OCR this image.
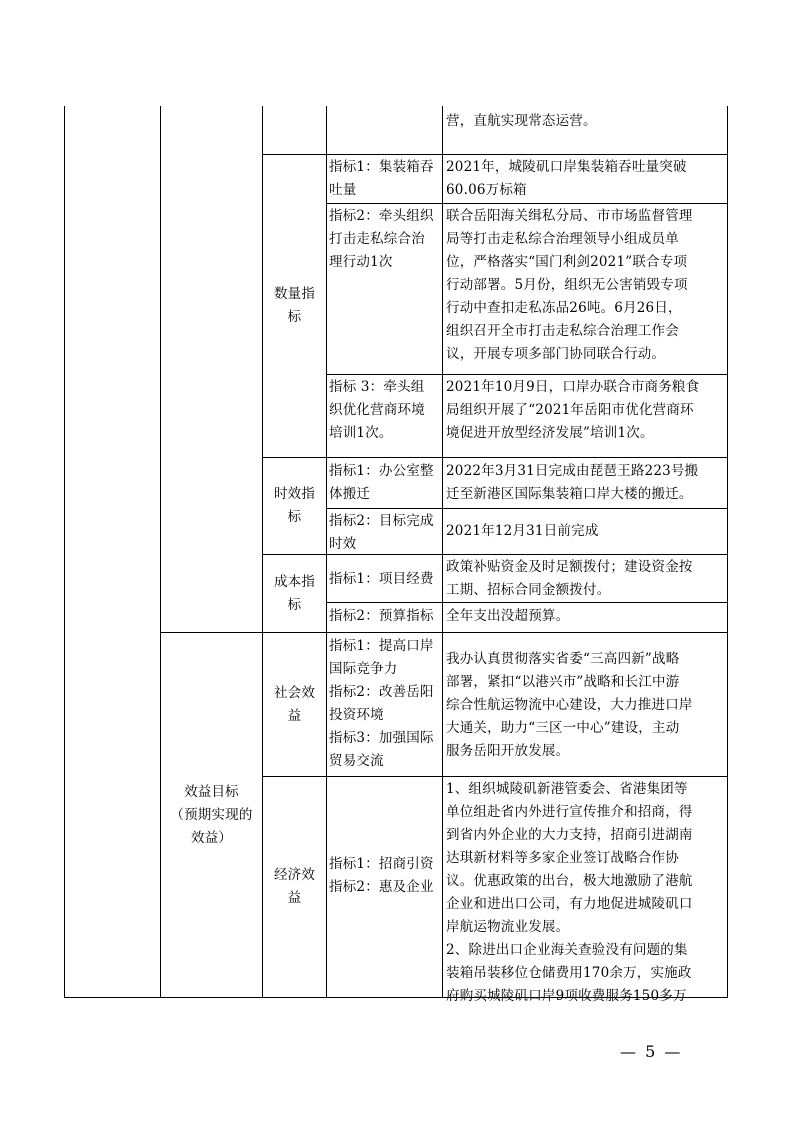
营，直航实现常态运营。
数量指
标
指标1：集装箱吞
吐量
2021年，城陵矶口岸集装箱吞吐量突破
60.06万标箱
指标2：牵头组织
打击走私综合治
理行动1次
联合岳阳海关缉私分局、市市场监督管理
局等打击走私综合治理领导小组成员单
位，严格落实“国门利剑2021”联合专项
行动部署。5月份，组织无公害销毁专项
行动中查扣走私冻品26吨。6月26日，
组织召开全市打击走私综合治理工作会
议，开展专项多部门协同联合行动。
指标 3：牵头组
织优化营商环境
培训1次。
2021年10月9日，口岸办联合市商务粮食
局组织开展了“2021年岳阳市优化营商环
境促进开放型经济发展”培训1次。
时效指
标
指标1：办公室整
体搬迁
2022年3月31日完成由琵琶王路223号搬
迁至新港区国际集装箱口岸大楼的搬迁。
指标2：目标完成
时效
2021年12月31日前完成
成本指
标
指标1：项目经费
政策补贴资金及时足额拨付；建设资金按
工期、招标合同金额拨付。
指标2：预算指标 全年支出没超预算。
效益目标
（预期实现的
效益）
社会效
益
指标1：提高口岸
国际竞争力
指标2：改善岳阳
投资环境
指标3：加强国际
贸易交流
我办认真贯彻落实省委“三高四新”战略
部署，紧扣“以港兴市”战略和长江中游
综合性航运物流中心建设，大力推进口岸
大通关，助力“三区一中心”建设，主动
服务岳阳开放发展。
经济效
益
指标1：招商引资
指标2：惠及企业
1、组织城陵矶新港管委会、省港集团等
单位组赴省内外进行宣传推介和招商，得
到省内外企业的大力支持，招商引进湖南
达琪新材料等多家企业签订战略合作协
议。优惠政策的出台，极大地激励了港航
企业和进出口公司，有力地促进城陵矶口
岸航运物流业发展。
2、除进出口企业海关查验没有问题的集
装箱吊装移位仓储费用170余万，实施政
府购买城陵矶口岸9项收费服务150多万
— 5 —
